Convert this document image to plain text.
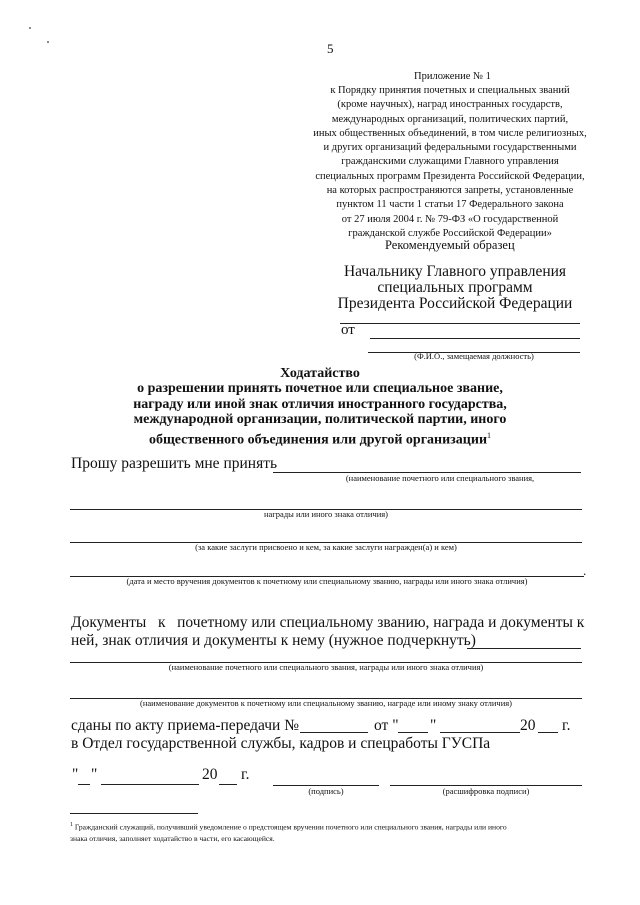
5
Приложение № 1
к Порядку принятия почетных и специальных званий
(кроме научных), наград иностранных государств,
международных организаций, политических партий,
иных общественных объединений, в том числе религиозных,
и других организаций федеральными государственными
гражданскими служащими Главного управления
специальных программ Президента Российской Федерации,
на которых распространяются запреты, установленные
пунктом 11 части 1 статьи 17 Федерального закона
от 27 июля 2004 г. № 79-ФЗ «О государственной
гражданской службе Российской Федерации»
Рекомендуемый образец
Начальнику Главного управления
специальных программ
Президента Российской Федерации
от
(Ф.И.О., замещаемая должность)
Ходатайство
о разрешении принять почетное или специальное звание,
награду или иной знак отличия иностранного государства,
международной организации, политической партии, иного
общественного объединения или другой организации$^1$
Прошу разрешить мне принять
(наименование почетного или специального звания,
награды или иного знака отличия)
(за какие заслуги присвоено и кем, за какие заслуги награжден(а) и кем)
.
(дата и место вручения документов к почетному или специальному званию, награды или иного знака отличия)
Документы   к   почетному или специальному званию, награда и документы к
ней, знак отличия и документы к нему (нужное подчеркнуть)
(наименование почетного или специального звания, награды или иного знака отличия)
(наименование документов к почетному или специальному званию, награде или иному знаку отличия)
сданы по акту приема-передачи №	от " "	20 г.
в Отдел государственной службы, кадров и спецработы ГУСПа
" "	20 г.
(подпись)	(расшифровка подписи)
$^1$ Гражданский служащий, получивший уведомление о предстоящем вручении почетного или специального звания, награды или иного
знака отличия, заполняет ходатайство в части, его касающейся.
